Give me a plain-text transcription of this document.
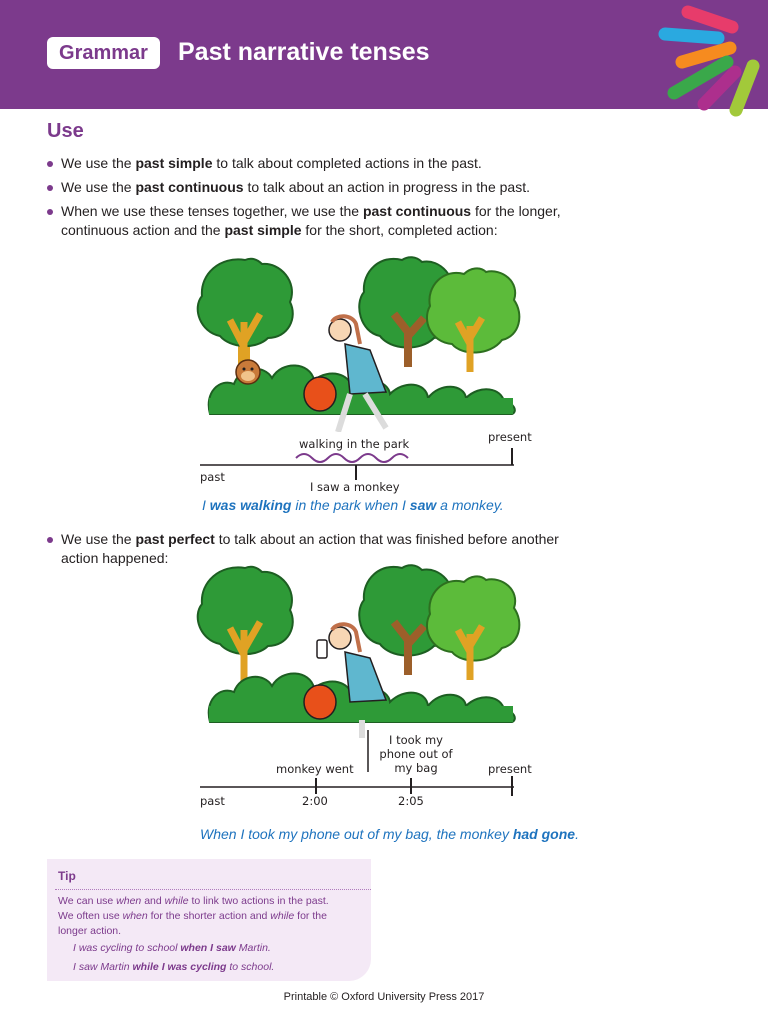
Grammar	Past narrative tenses
Use
We use the past simple to talk about completed actions in the past.
We use the past continuous to talk about an action in progress in the past.
When we use these tenses together, we use the past continuous for the longer, continuous action and the past simple for the short, completed action:
walking in the park	present
past
I saw a monkey
I was walking in the park when I saw a monkey.
We use the past perfect to talk about an action that was finished before another action happened:
monkey went
I took my
phone out of
my bag	present
past	2:00	2:05
When I took my phone out of my bag, the monkey had gone.
Tip
We can use when and while to link two actions in the past.
We often use when for the shorter action and while for the
longer action.
I was cycling to school when I saw Martin.
I saw Martin while I was cycling to school.
Printable © Oxford University Press 2017
